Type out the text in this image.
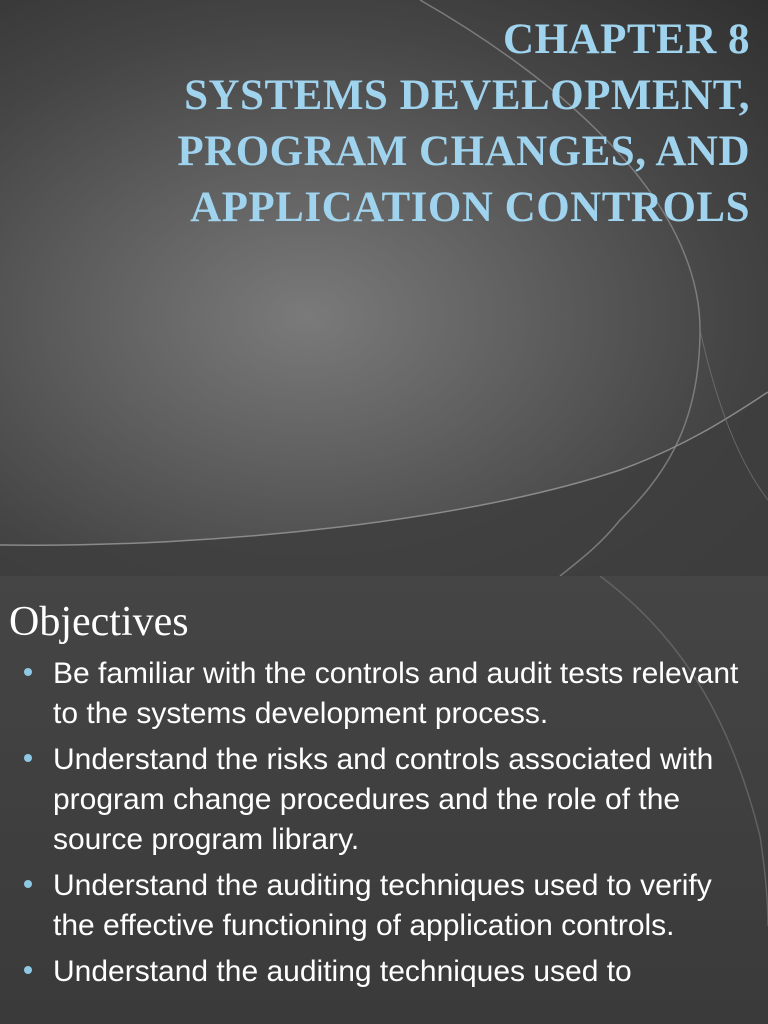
CHAPTER 8
SYSTEMS DEVELOPMENT,
PROGRAM CHANGES, AND
APPLICATION CONTROLS
Objectives
Be familiar with the controls and audit tests relevant to the systems development process.
Understand the risks and controls associated with program change procedures and the role of the source program library.
Understand the auditing techniques used to verify the effective functioning of application controls.
Understand the auditing techniques used to
